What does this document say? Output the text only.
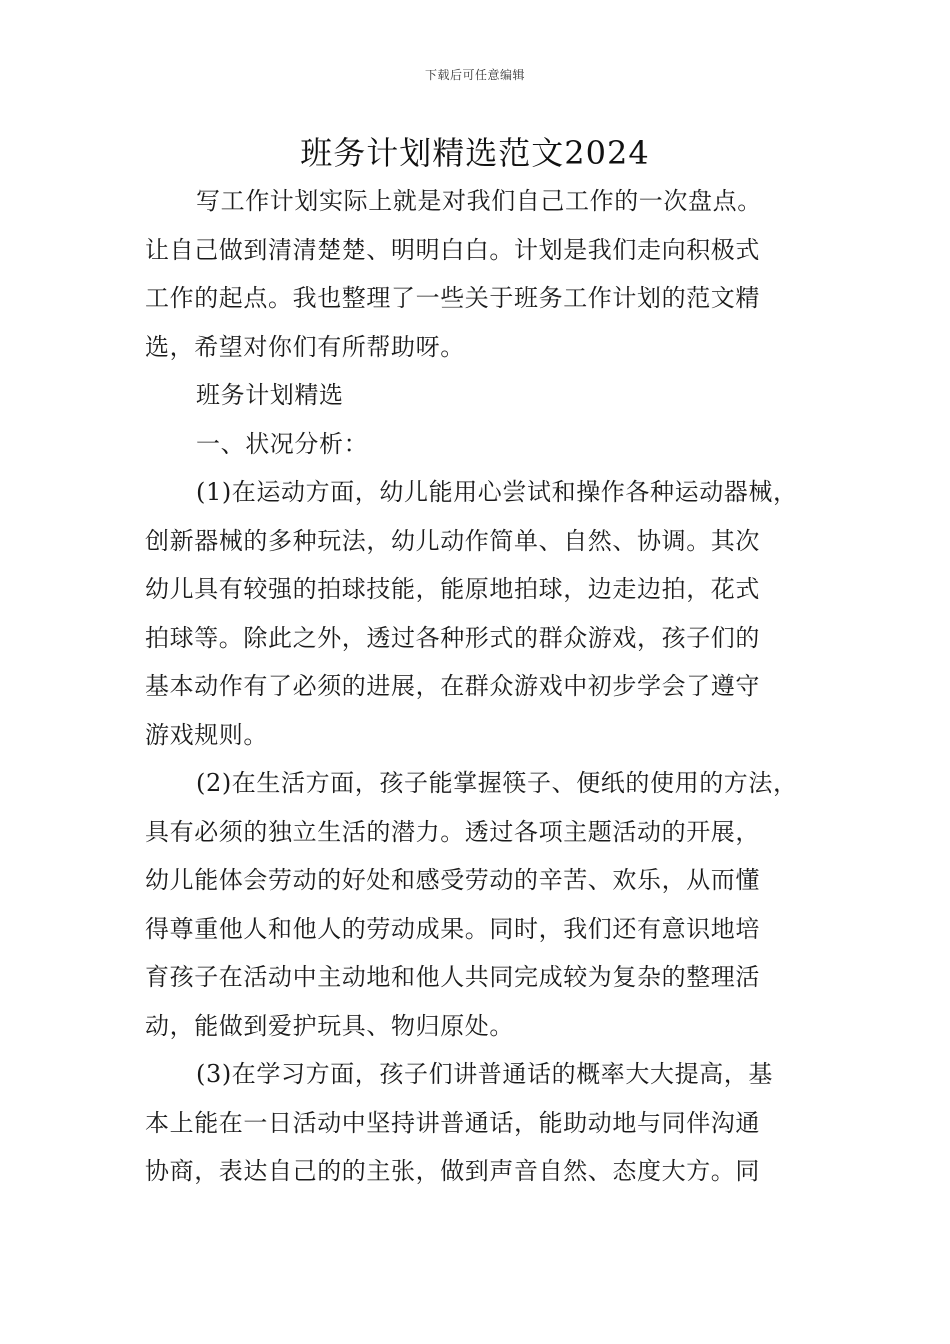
下载后可任意编辑
班务计划精选范文2024
写工作计划实际上就是对我们自己工作的一次盘点。
让自己做到清清楚楚、明明白白。计划是我们走向积极式
工作的起点。我也整理了一些关于班务工作计划的范文精
选，希望对你们有所帮助呀。
班务计划精选
一、状况分析：
(1)在运动方面，幼儿能用心尝试和操作各种运动器械，
创新器械的多种玩法，幼儿动作简单、自然、协调。其次
幼儿具有较强的拍球技能，能原地拍球，边走边拍，花式
拍球等。除此之外，透过各种形式的群众游戏，孩子们的
基本动作有了必须的进展，在群众游戏中初步学会了遵守
游戏规则。
(2)在生活方面，孩子能掌握筷子、便纸的使用的方法，
具有必须的独立生活的潜力。透过各项主题活动的开展，
幼儿能体会劳动的好处和感受劳动的辛苦、欢乐，从而懂
得尊重他人和他人的劳动成果。同时，我们还有意识地培
育孩子在活动中主动地和他人共同完成较为复杂的整理活
动，能做到爱护玩具、物归原处。
(3)在学习方面，孩子们讲普通话的概率大大提高，基
本上能在一日活动中坚持讲普通话，能助动地与同伴沟通
协商，表达自己的的主张，做到声音自然、态度大方。同
